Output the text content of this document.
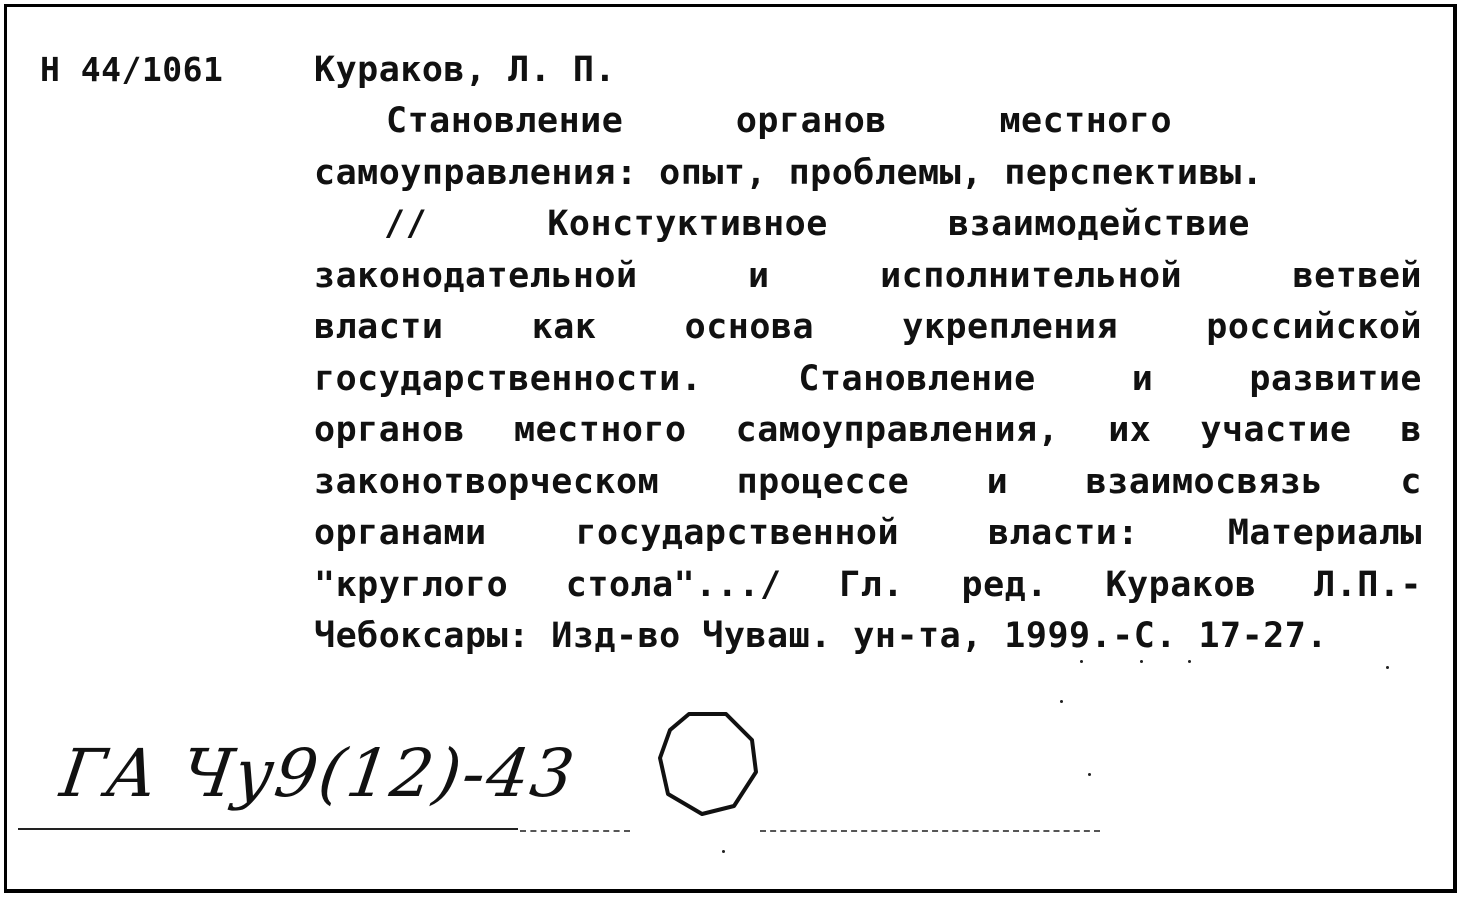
Н 44/1061	Кураков, Л. П.
Становление	органов	местного
самоуправления: опыт, проблемы, перспективы.
//	Констуктивное	взаимодействие
законодательной и исполнительной ветвей
власти как основа укрепления российской
государственности. Становление и развитие
органов местного самоуправления, их участие в
законотворческом процессе и взаимосвязь с
органами государственной власти: Материалы
"круглого стола".../ Гл. ред. Кураков Л.П.-
Чебоксары: Изд-во Чуваш. ун-та, 1999.-С. 17-27.
ГА Чу9(12)-43
